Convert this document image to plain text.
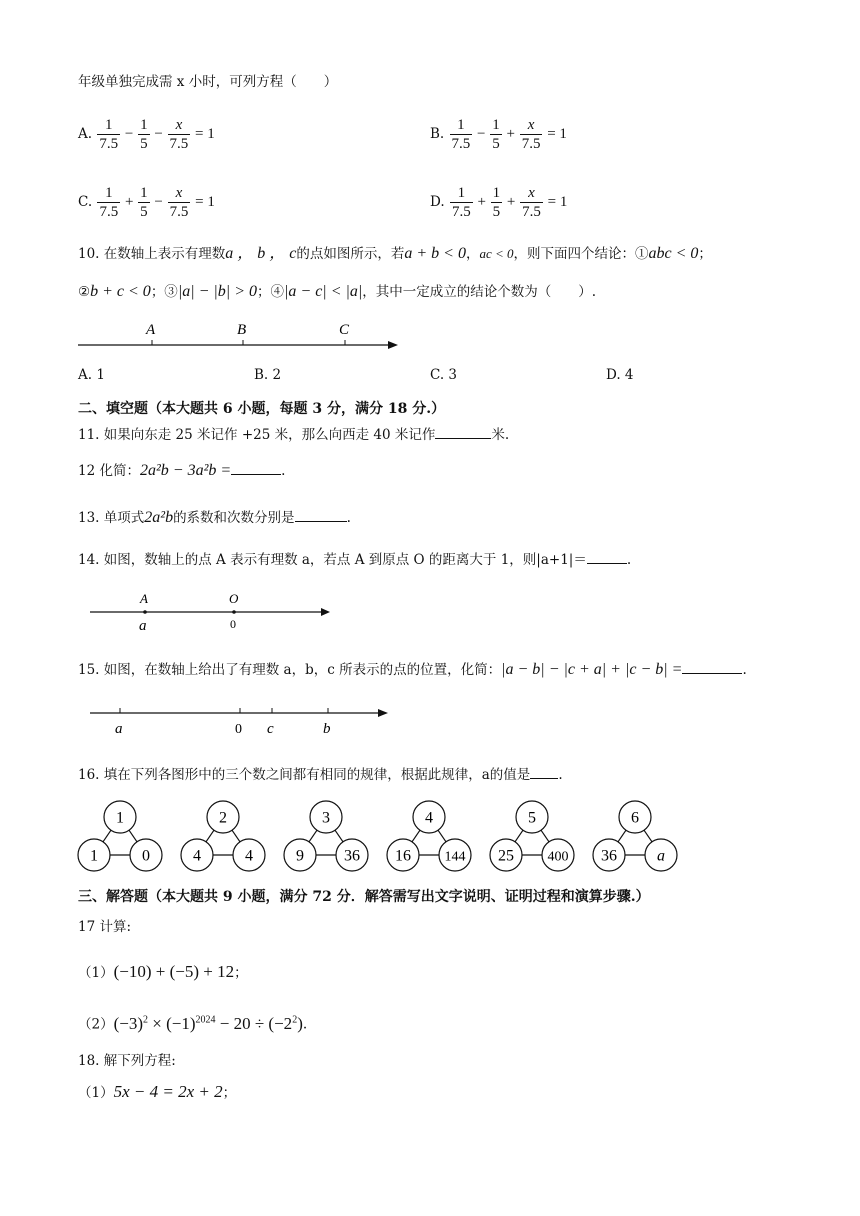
年级单独完成需 x 小时，可列方程（　　）
A. $\frac{1}{7.5} - \frac{1}{5} - \frac{x}{7.5} = 1$	B. $\frac{1}{7.5} - \frac{1}{5} + \frac{x}{7.5} = 1$
C. $\frac{1}{7.5} + \frac{1}{5} - \frac{x}{7.5} = 1$	D. $\frac{1}{7.5} + \frac{1}{5} + \frac{x}{7.5} = 1$
10. 在数轴上表示有理数a ， b ， c的点如图所示，若a + b < 0，ac < 0，则下面四个结论：①abc < 0；
②b + c < 0；③|a| − |b| > 0；④|a − c| < |a|，其中一定成立的结论个数为（　　）.
A	B	C
A. 1	B. 2	C. 3	D. 4
二、填空题（本大题共 6 小题，每题 3 分，满分 18 分.）
11. 如果向东走 25 米记作 +25 米，那么向西走 40 米记作	米.
12 化简：2a²b − 3a²b =	.
13. 单项式2a²b的系数和次数分别是	.
14. 如图，数轴上的点 A 表示有理数 a，若点 A 到原点 O 的距离大于 1，则|a+1|＝	.
A	O
a	0
15. 如图，在数轴上给出了有理数 a，b，c 所表示的点的位置，化简：|a − b| − |c + a| + |c − b| =	.
a	0 c	b
16. 填在下列各图形中的三个数之间都有相同的规律，根据此规律，a的值是 .
1
1	0
2
4	4
3
9	36
4
16 144
5
25 400
6
36	a
三、解答题（本大题共 9 小题，满分 72 分．解答需写出文字说明、证明过程和演算步骤.）
17 计算:
（1）(−10) + (−5) + 12；
$(2)(-3)^2 \times (-1)^{2024} - 20 \div (-2^2)$.
18. 解下列方程:
（1）5x − 4 = 2x + 2；
